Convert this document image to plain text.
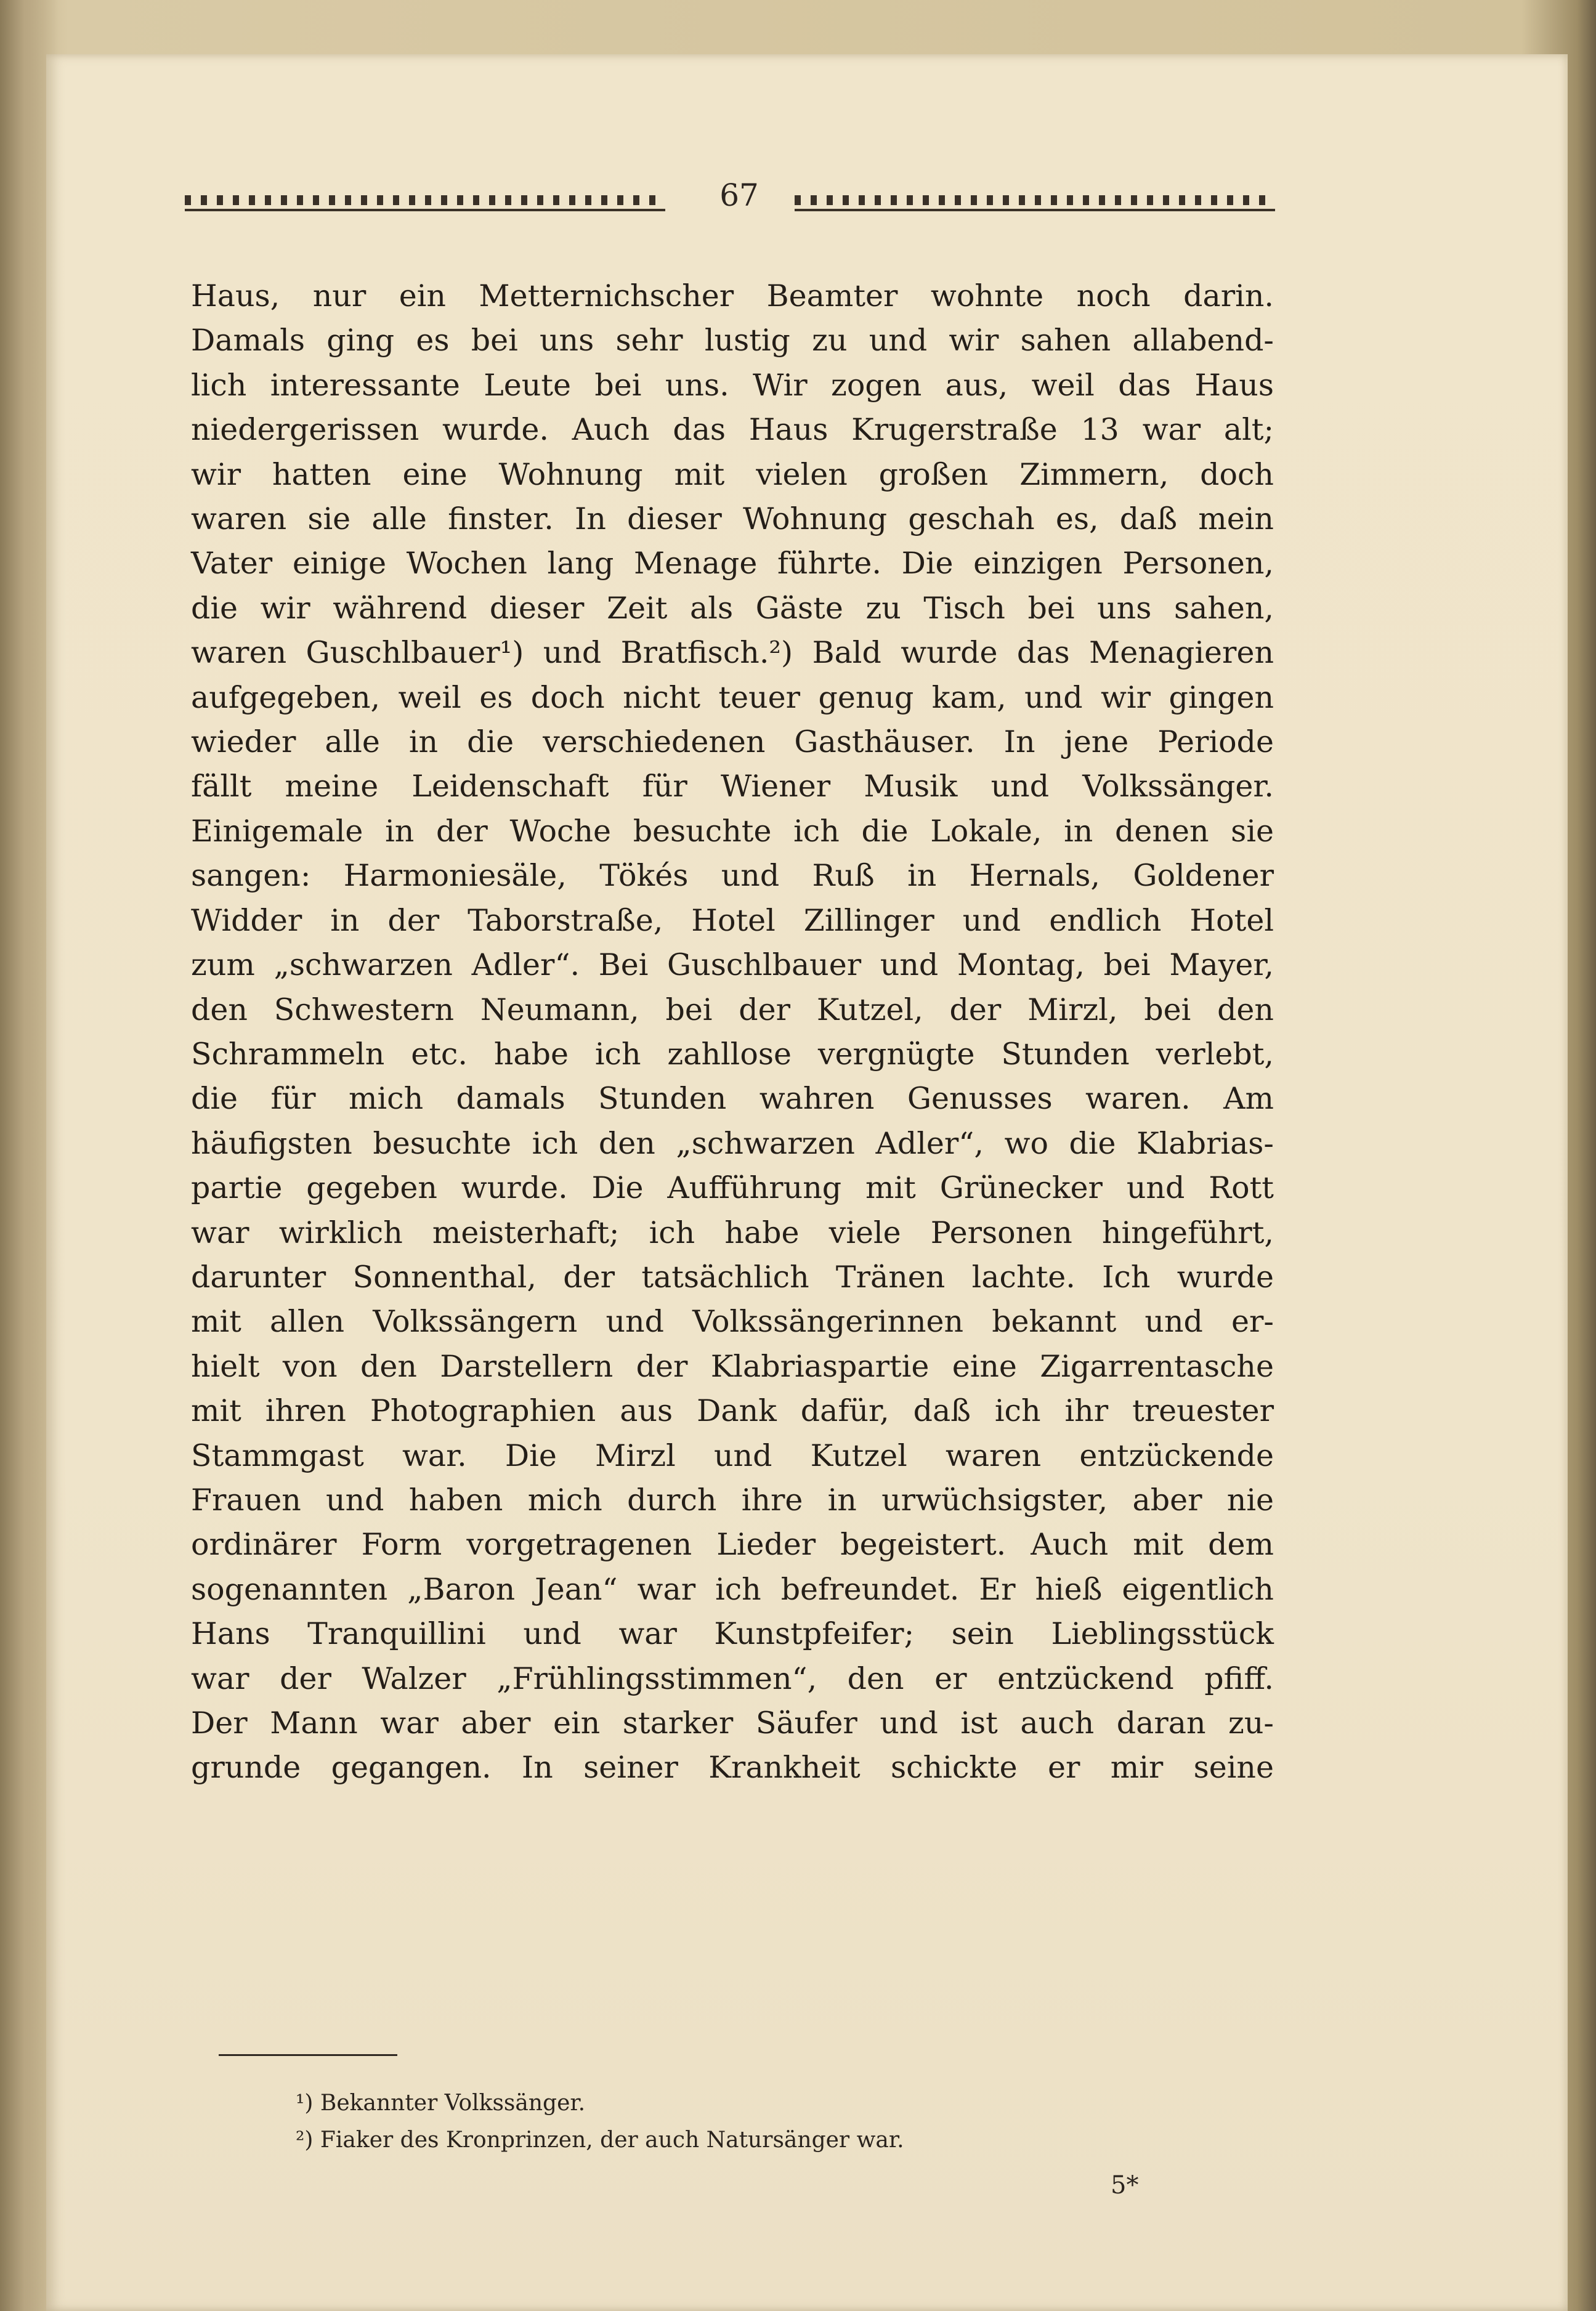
67
Haus, nur ein Metternichscher Beamter wohnte noch darin.
Damals ging es bei uns sehr lustig zu und wir sahen allabend-
lich interessante Leute bei uns. Wir zogen aus, weil das Haus
niedergerissen wurde. Auch das Haus Krugerstraße 13 war alt;
wir hatten eine Wohnung mit vielen großen Zimmern, doch
waren sie alle finster. In dieser Wohnung geschah es, daß mein
Vater einige Wochen lang Menage führte. Die einzigen Personen,
die wir während dieser Zeit als Gäste zu Tisch bei uns sahen,
waren Guschlbauer¹) und Bratfisch.²) Bald wurde das Menagieren
aufgegeben, weil es doch nicht teuer genug kam, und wir gingen
wieder alle in die verschiedenen Gasthäuser. In jene Periode
fällt meine Leidenschaft für Wiener Musik und Volkssänger.
Einigemale in der Woche besuchte ich die Lokale, in denen sie
sangen: Harmoniesäle, Tökés und Ruß in Hernals, Goldener
Widder in der Taborstraße, Hotel Zillinger und endlich Hotel
zum „schwarzen Adler“. Bei Guschlbauer und Montag, bei Mayer,
den Schwestern Neumann, bei der Kutzel, der Mirzl, bei den
Schrammeln etc. habe ich zahllose vergnügte Stunden verlebt,
die für mich damals Stunden wahren Genusses waren. Am
häufigsten besuchte ich den „schwarzen Adler“, wo die Klabrias-
partie gegeben wurde. Die Aufführung mit Grünecker und Rott
war wirklich meisterhaft; ich habe viele Personen hingeführt,
darunter Sonnenthal, der tatsächlich Tränen lachte. Ich wurde
mit allen Volkssängern und Volkssängerinnen bekannt und er-
hielt von den Darstellern der Klabriaspartie eine Zigarrentasche
mit ihren Photographien aus Dank dafür, daß ich ihr treuester
Stammgast war. Die Mirzl und Kutzel waren entzückende
Frauen und haben mich durch ihre in urwüchsigster, aber nie
ordinärer Form vorgetragenen Lieder begeistert. Auch mit dem
sogenannten „Baron Jean“ war ich befreundet. Er hieß eigentlich
Hans Tranquillini und war Kunstpfeifer; sein Lieblingsstück
war der Walzer „Frühlingsstimmen“, den er entzückend pfiff.
Der Mann war aber ein starker Säufer und ist auch daran zu-
grunde gegangen. In seiner Krankheit schickte er mir seine
¹) Bekannter Volkssänger.
²) Fiaker des Kronprinzen, der auch Natursänger war.
5*
